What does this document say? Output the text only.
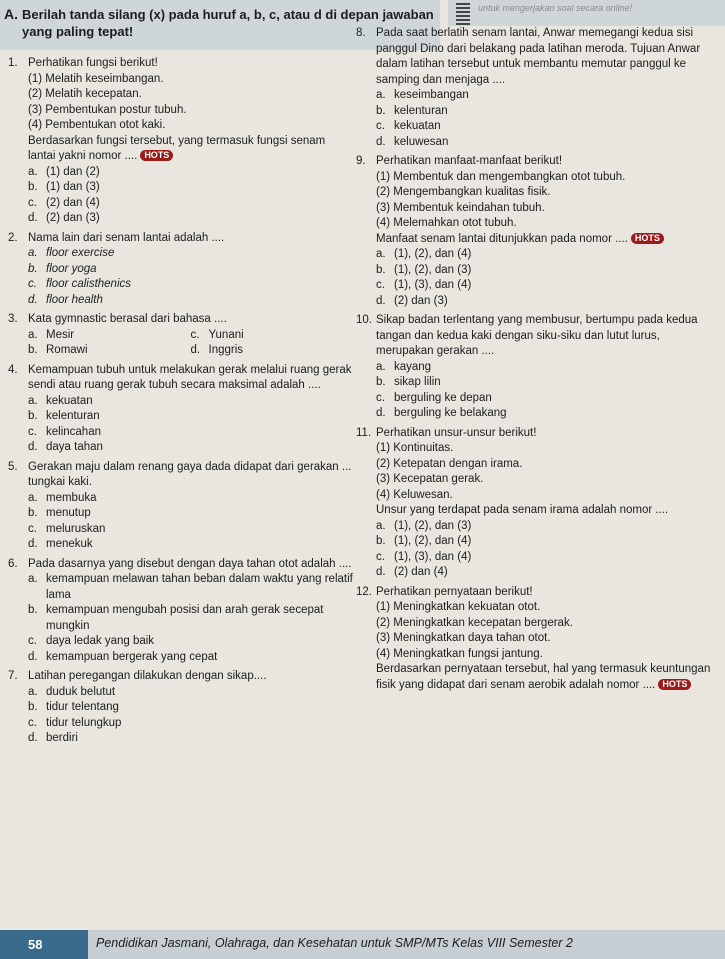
A. Berilah tanda silang (x) pada huruf a, b, c, atau d di depan jawaban yang paling tepat!
untuk mengerjakan soal secara online!
1. Perhatikan fungsi berikut!
(1) Melatih keseimbangan.
(2) Melatih kecepatan.
(3) Pembentukan postur tubuh.
(4) Pembentukan otot kaki.
Berdasarkan fungsi tersebut, yang termasuk fungsi senam lantai yakni nomor .... HOTS
a. (1) dan (2)
b. (1) dan (3)
c. (2) dan (4)
d. (2) dan (3)
2. Nama lain dari senam lantai adalah ....
a. floor exercise
b. floor yoga
c. floor calisthenics
d. floor health
3. Kata gymnastic berasal dari bahasa ....
a. Mesir	c. Yunani
b. Romawi	d. Inggris
4. Kemampuan tubuh untuk melakukan gerak melalui ruang gerak sendi atau ruang gerak tubuh secara maksimal adalah ....
a. kekuatan
b. kelenturan
c. kelincahan
d. daya tahan
5. Gerakan maju dalam renang gaya dada didapat dari gerakan ... tungkai kaki.
a. membuka
b. menutup
c. meluruskan
d. menekuk
6. Pada dasarnya yang disebut dengan daya tahan otot adalah ....
a. kemampuan melawan tahan beban dalam waktu yang relatif lama
b. kemampuan mengubah posisi dan arah gerak secepat mungkin
c. daya ledak yang baik
d. kemampuan bergerak yang cepat
7. Latihan peregangan dilakukan dengan sikap....
a. duduk belutut
b. tidur telentang
c. tidur telungkup
d. berdiri
8. Pada saat berlatih senam lantai, Anwar memegangi kedua sisi panggul Dino dari belakang pada latihan meroda. Tujuan Anwar dalam latihan tersebut untuk membantu memutar panggul ke samping dan menjaga ....
a. keseimbangan
b. kelenturan
c. kekuatan
d. keluwesan
9. Perhatikan manfaat-manfaat berikut!
(1) Membentuk dan mengembangkan otot tubuh.
(2) Mengembangkan kualitas fisik.
(3) Membentuk keindahan tubuh.
(4) Melemahkan otot tubuh.
Manfaat senam lantai ditunjukkan pada nomor .... HOTS
a. (1), (2), dan (4)
b. (1), (2), dan (3)
c. (1), (3), dan (4)
d. (2) dan (3)
10. Sikap badan terlentang yang membusur, bertumpu pada kedua tangan dan kedua kaki dengan siku-siku dan lutut lurus, merupakan gerakan ....
a. kayang
b. sikap lilin
c. berguling ke depan
d. berguling ke belakang
11. Perhatikan unsur-unsur berikut!
(1) Kontinuitas.
(2) Ketepatan dengan irama.
(3) Kecepatan gerak.
(4) Keluwesan.
Unsur yang terdapat pada senam irama adalah nomor ....
a. (1), (2), dan (3)
b. (1), (2), dan (4)
c. (1), (3), dan (4)
d. (2) dan (4)
12. Perhatikan pernyataan berikut!
(1) Meningkatkan kekuatan otot.
(2) Meningkatkan kecepatan bergerak.
(3) Meningkatkan daya tahan otot.
(4) Meningkatkan fungsi jantung.
Berdasarkan pernyataan tersebut, hal yang termasuk keuntungan fisik yang didapat dari senam aerobik adalah nomor .... HOTS
58	Pendidikan Jasmani, Olahraga, dan Kesehatan untuk SMP/MTs Kelas VIII Semester 2
